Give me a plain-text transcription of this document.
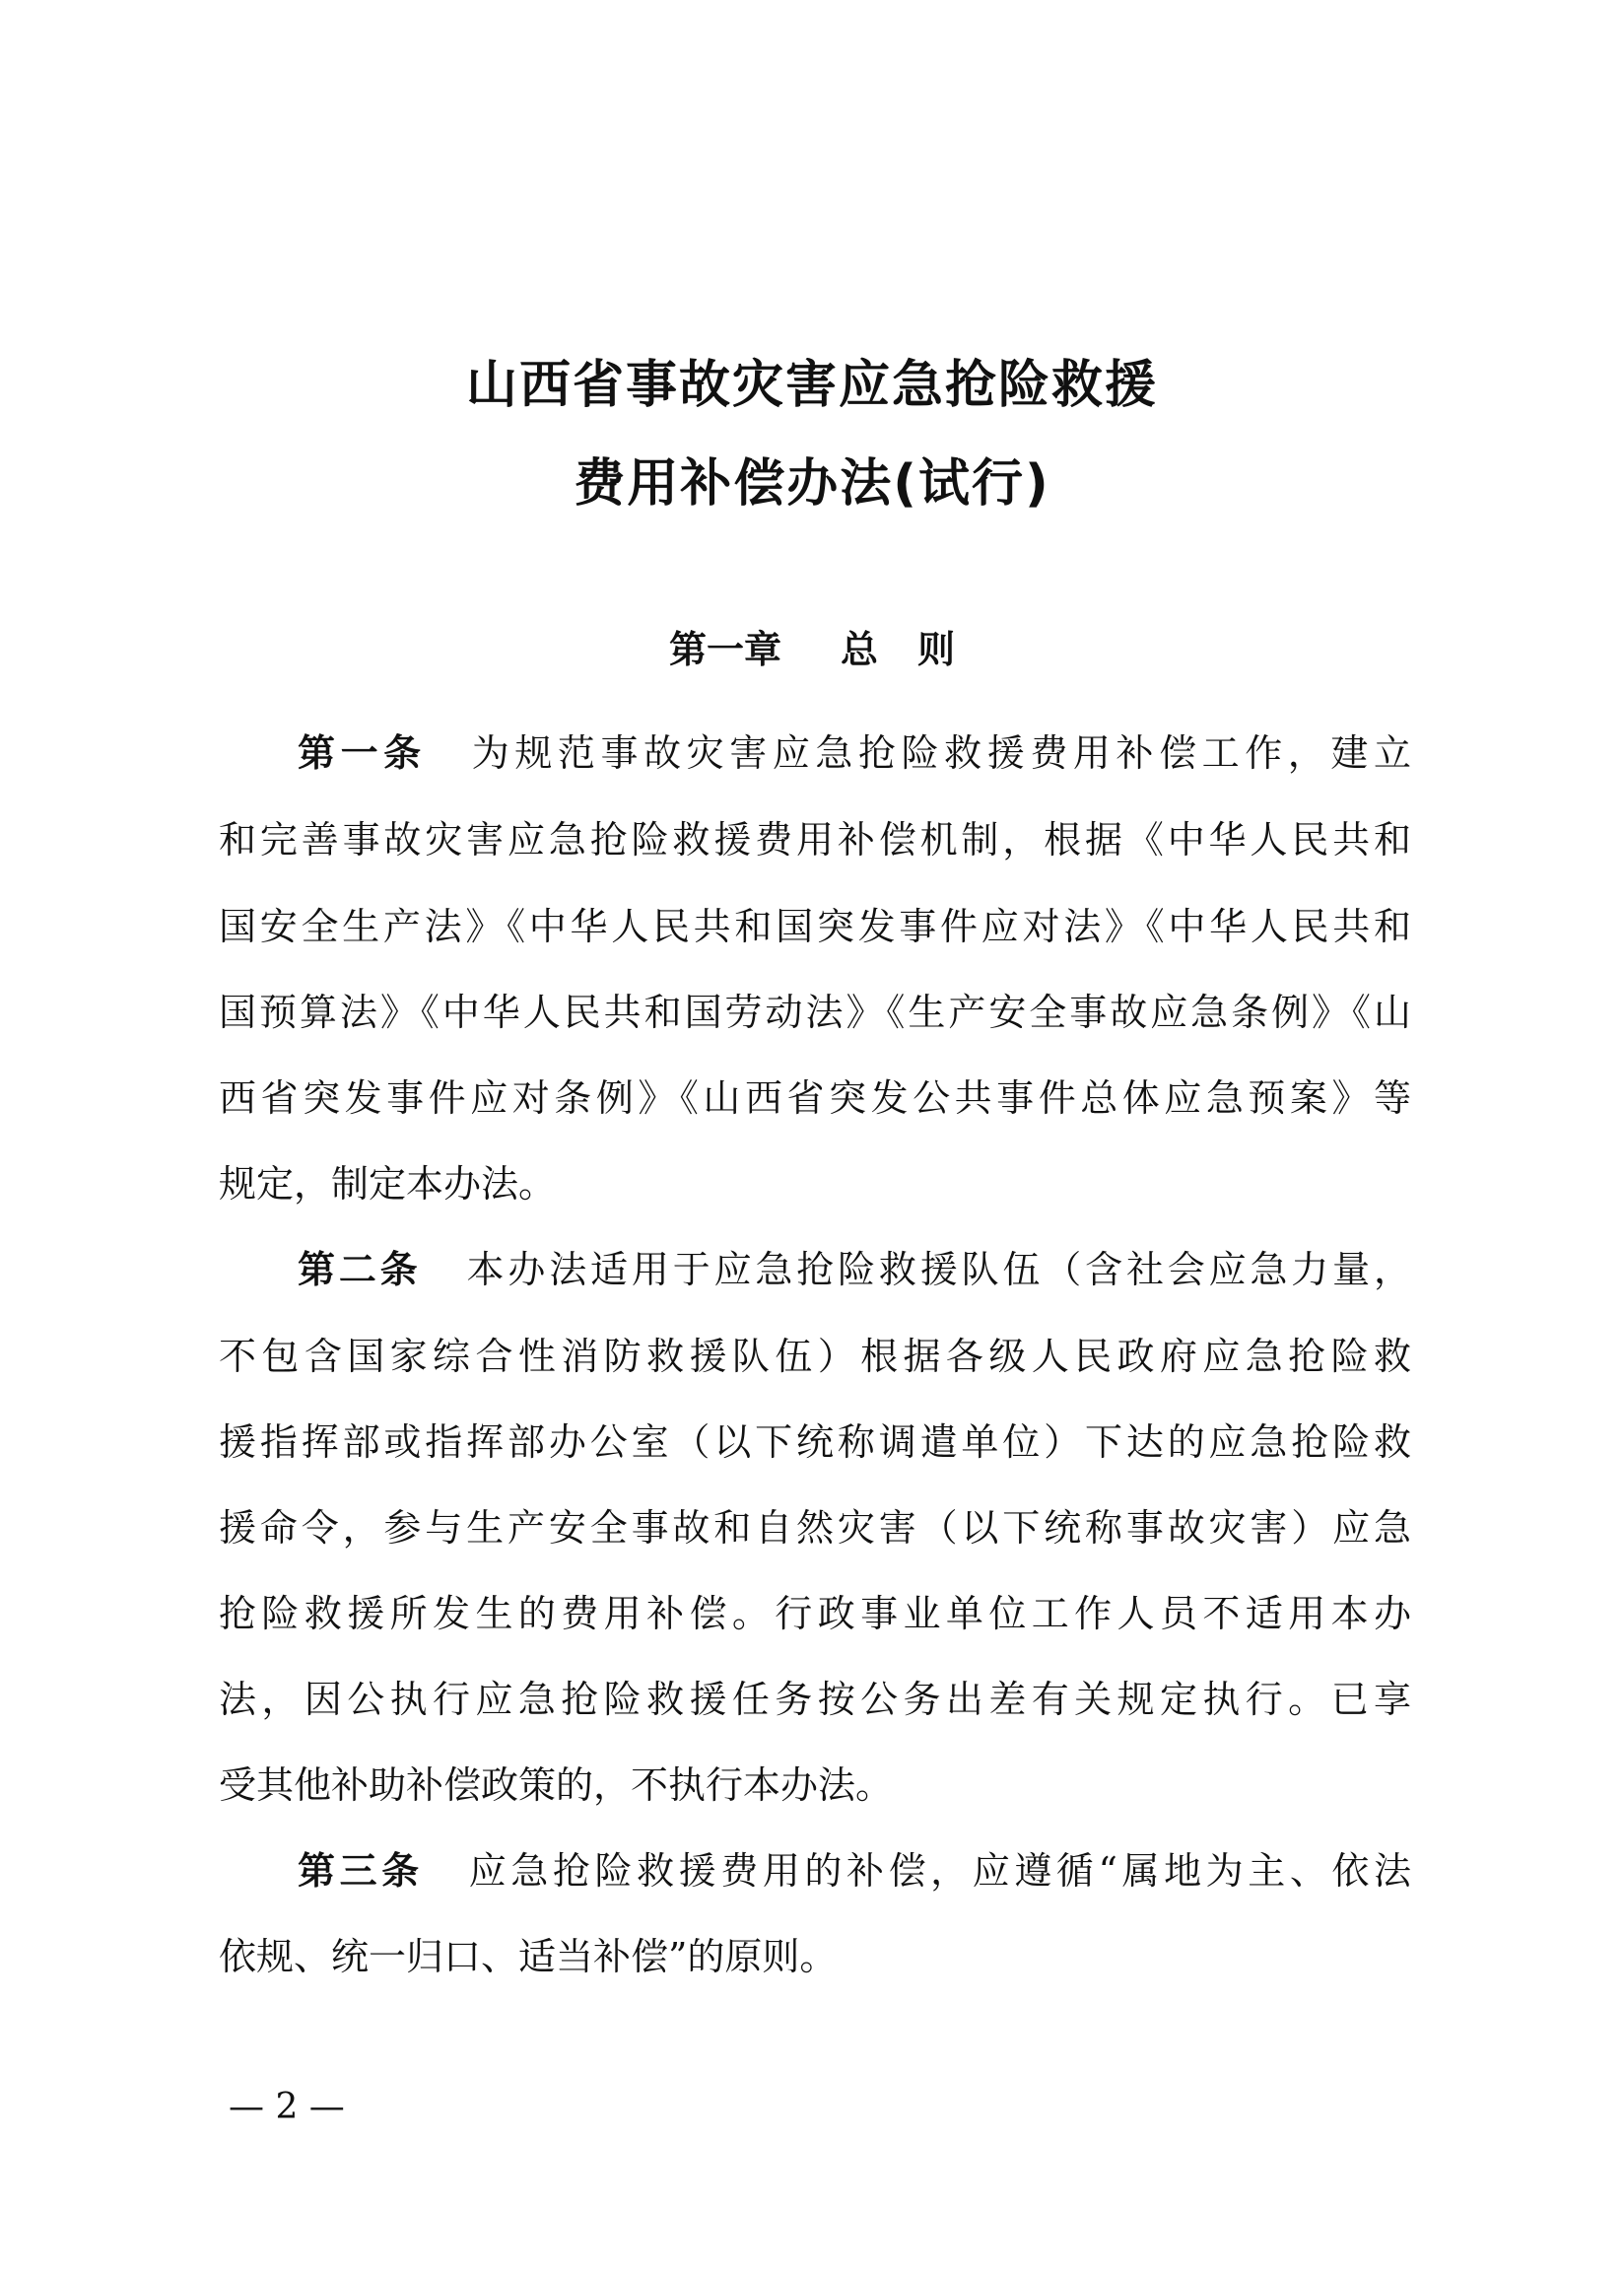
山西省事故灾害应急抢险救援
费用补偿办法(试行)
第一章 总 则
第一条 为规范事故灾害应急抢险救援费用补偿工作，建立
和完善事故灾害应急抢险救援费用补偿机制，根据《中华人民共和
国安全生产法》《中华人民共和国突发事件应对法》《中华人民共和
国预算法》《中华人民共和国劳动法》《生产安全事故应急条例》《山
西省突发事件应对条例》《山西省突发公共事件总体应急预案》等
规定，制定本办法。
第二条 本办法适用于应急抢险救援队伍（含社会应急力量，
不包含国家综合性消防救援队伍）根据各级人民政府应急抢险救
援指挥部或指挥部办公室（以下统称调遣单位）下达的应急抢险救
援命令，参与生产安全事故和自然灾害（以下统称事故灾害）应急
抢险救援所发生的费用补偿。行政事业单位工作人员不适用本办
法，因公执行应急抢险救援任务按公务出差有关规定执行。已享
受其他补助补偿政策的，不执行本办法。
第三条 应急抢险救援费用的补偿，应遵循“属地为主、依法
依规、统一归口、适当补偿”的原则。
— 2 —
